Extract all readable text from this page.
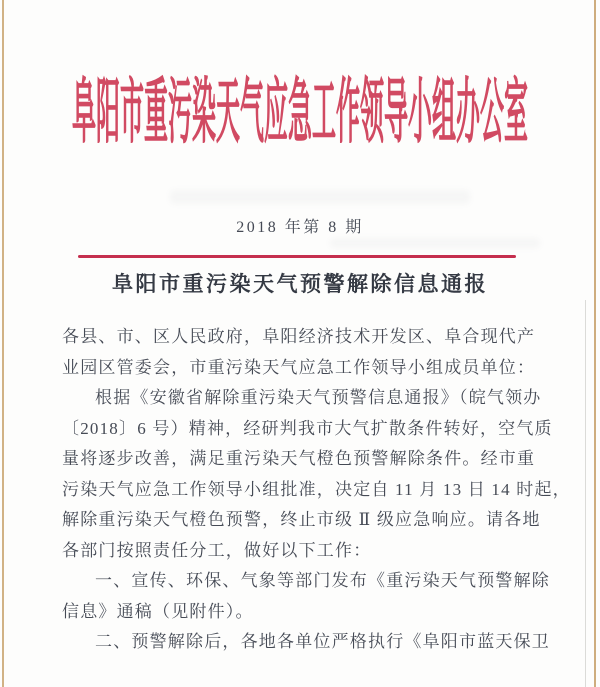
阜阳市重污染天气应急工作领导小组办公室
2018 年第 8 期
阜阳市重污染天气预警解除信息通报
各县、市、区人民政府，阜阳经济技术开发区、阜合现代产
业园区管委会，市重污染天气应急工作领导小组成员单位：
根据《安徽省解除重污染天气预警信息通报》（皖气领办
〔2018〕6 号）精神，经研判我市大气扩散条件转好，空气质
量将逐步改善，满足重污染天气橙色预警解除条件。经市重
污染天气应急工作领导小组批准，决定自 11 月 13 日 14 时起，
解除重污染天气橙色预警，终止市级 Ⅱ 级应急响应。请各地
各部门按照责任分工，做好以下工作：
一、宣传、环保、气象等部门发布《重污染天气预警解除
信息》通稿（见附件）。
二、预警解除后，各地各单位严格执行《阜阳市蓝天保卫
